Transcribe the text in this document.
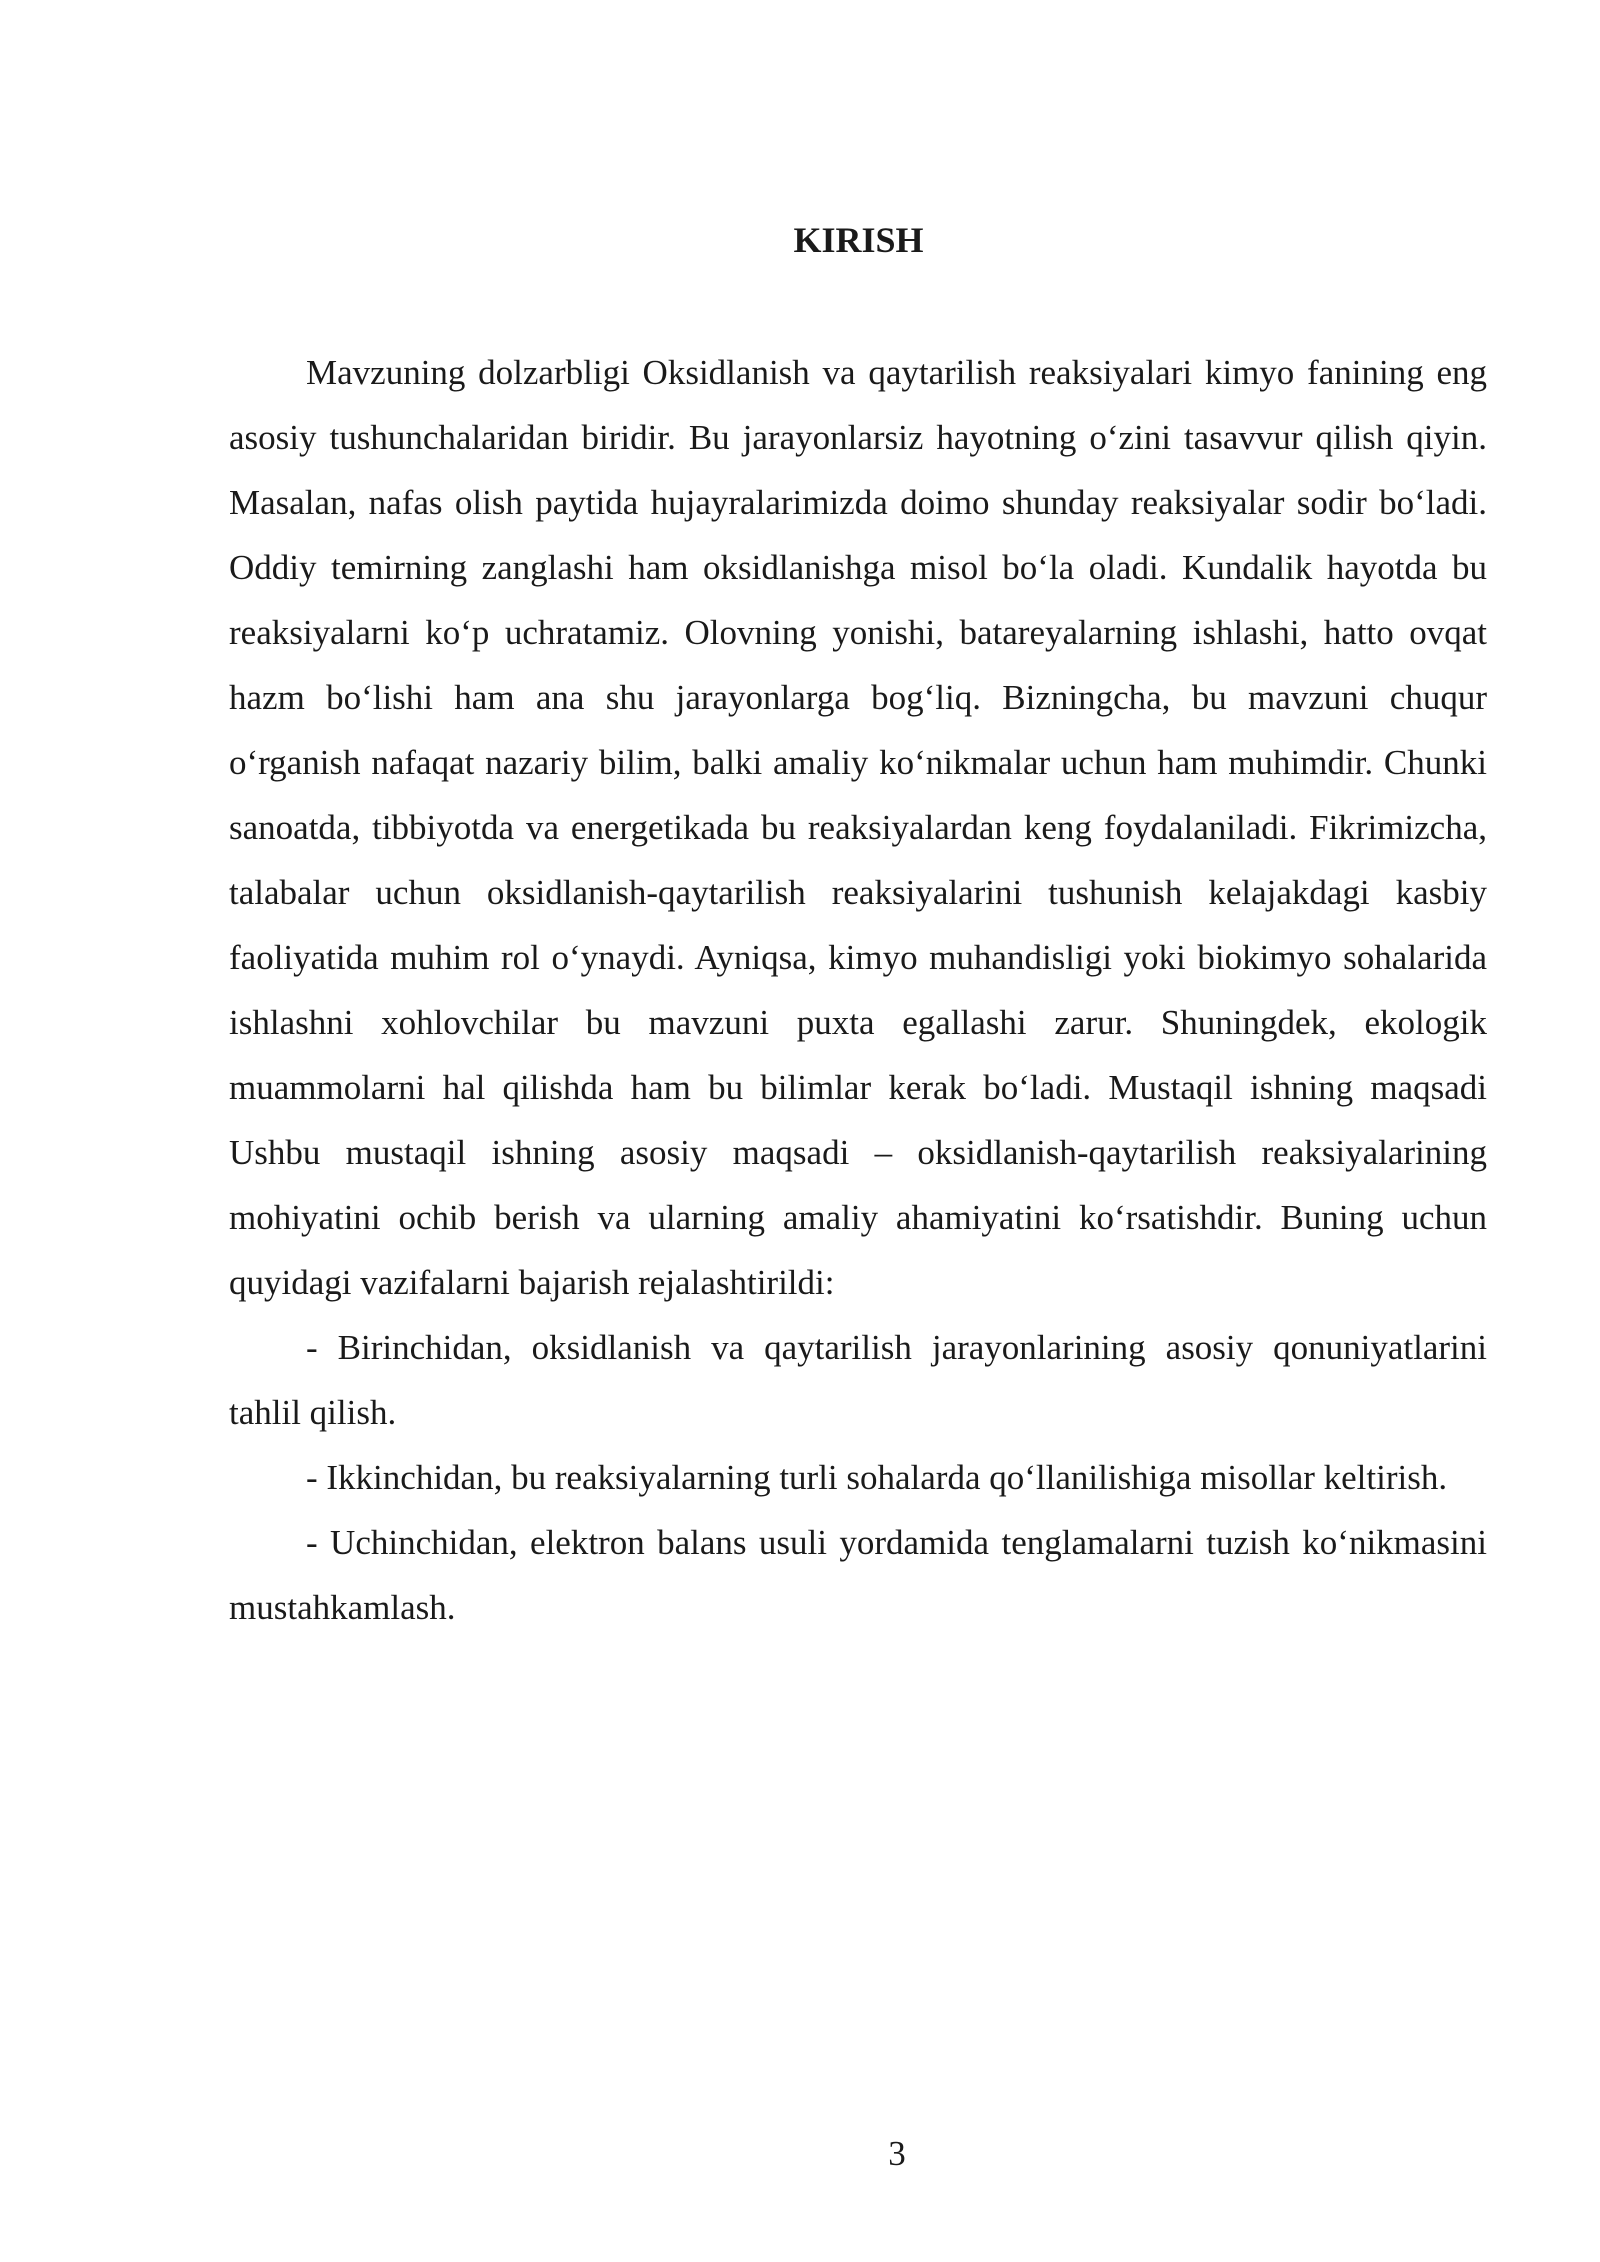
KIRISH

Mavzuning dolzarbligi Oksidlanish va qaytarilish reaksiyalari kimyo fanining eng asosiy tushunchalaridan biridir. Bu jarayonlarsiz hayotning o‘zini tasavvur qilish qiyin. Masalan, nafas olish paytida hujayralarimizda doimo shunday reaksiyalar sodir bo‘ladi. Oddiy temirning zanglashi ham oksidlanishga misol bo‘la oladi. Kundalik hayotda bu reaksiyalarni ko‘p uchratamiz. Olovning yonishi, batareyalarning ishlashi, hatto ovqat hazm bo‘lishi ham ana shu jarayonlarga bog‘liq. Bizningcha, bu mavzuni chuqur o‘rganish nafaqat nazariy bilim, balki amaliy ko‘nikmalar uchun ham muhimdir. Chunki sanoatda, tibbiyotda va energetikada bu reaksiyalardan keng foydalaniladi. Fikrimizcha, talabalar uchun oksidlanish-qaytarilish reaksiyalarini tushunish kelajakdagi kasbiy faoliyatida muhim rol o‘ynaydi. Ayniqsa, kimyo muhandisligi yoki biokimyo sohalarida ishlashni xohlovchilar bu mavzuni puxta egallashi zarur. Shuningdek, ekologik muammolarni hal qilishda ham bu bilimlar kerak bo‘ladi. Mustaqil ishning maqsadi Ushbu mustaqil ishning asosiy maqsadi – oksidlanish-qaytarilish reaksiyalarining mohiyatini ochib berish va ularning amaliy ahamiyatini ko‘rsatishdir. Buning uchun quyidagi vazifalarni bajarish rejalashtirildi:

- Birinchidan, oksidlanish va qaytarilish jarayonlarining asosiy qonuniyatlarini tahlil qilish.

- Ikkinchidan, bu reaksiyalarning turli sohalarda qo‘llanilishiga misollar keltirish.

- Uchinchidan, elektron balans usuli yordamida tenglamalarni tuzish ko‘nikmasini mustahkamlash.

3
